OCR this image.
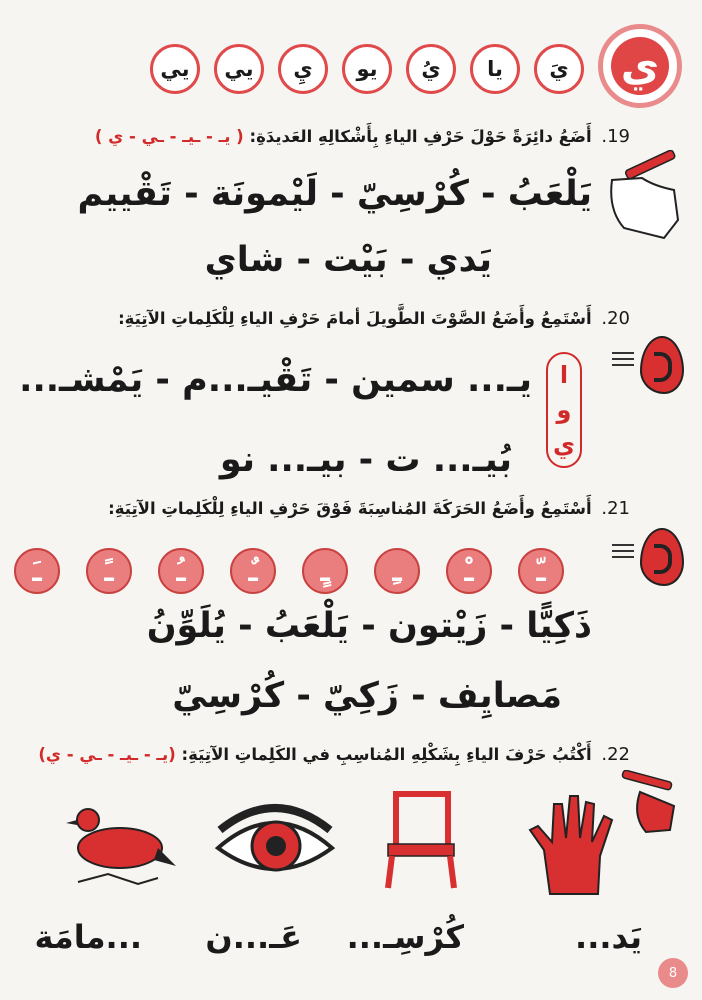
ي
يَ
يا
يُ
يو
يِ
يي
يي
19. أَضَعُ دائِرَةً حَوْلَ حَرْفِ الياءِ بِأَشْكالِهِ العَديدَةِ: ( يـ - ـيـ - ـي - ي )
يَلْعَبُ - كُرْسِيّ - لَيْمونَة - تَقْييم
يَدي - بَيْت - شاي
20. أَسْتَمِعُ وأَضَعُ الصَّوْتَ الطَّويلَ أمامَ حَرْفِ الياءِ لِلْكَلِماتِ الآتِيَةِ:
ا
و
ي
يـ... سمين - تَقْيـ...م - يَمْشـ...
بُيـ... ت - بيـ... نو
21. أَسْتَمِعُ وأَضَعُ الحَرَكَةَ المُناسِبَةَ فَوْقَ حَرْفِ الياءِ لِلْكَلِماتِ الآتِيَةِ:
ـَ	ـً	ـُ	ـٌ	ـٍ	ـِ	ـْ	ـّ
ذَكِيًّا - زَيْتون - يَلْعَبُ - يُلَوِّنُ
مَصايِف - زَكِيّ - كُرْسِيّ
22. أَكْتُبُ حَرْفَ الياءِ بِشَكْلِهِ المُناسِبِ في الكَلِماتِ الآتِيَةِ: (يـ - ـيـ - ـي - ي)
يَد...
كُرْسِـ...
عَـ...ن
...مامَة
8
